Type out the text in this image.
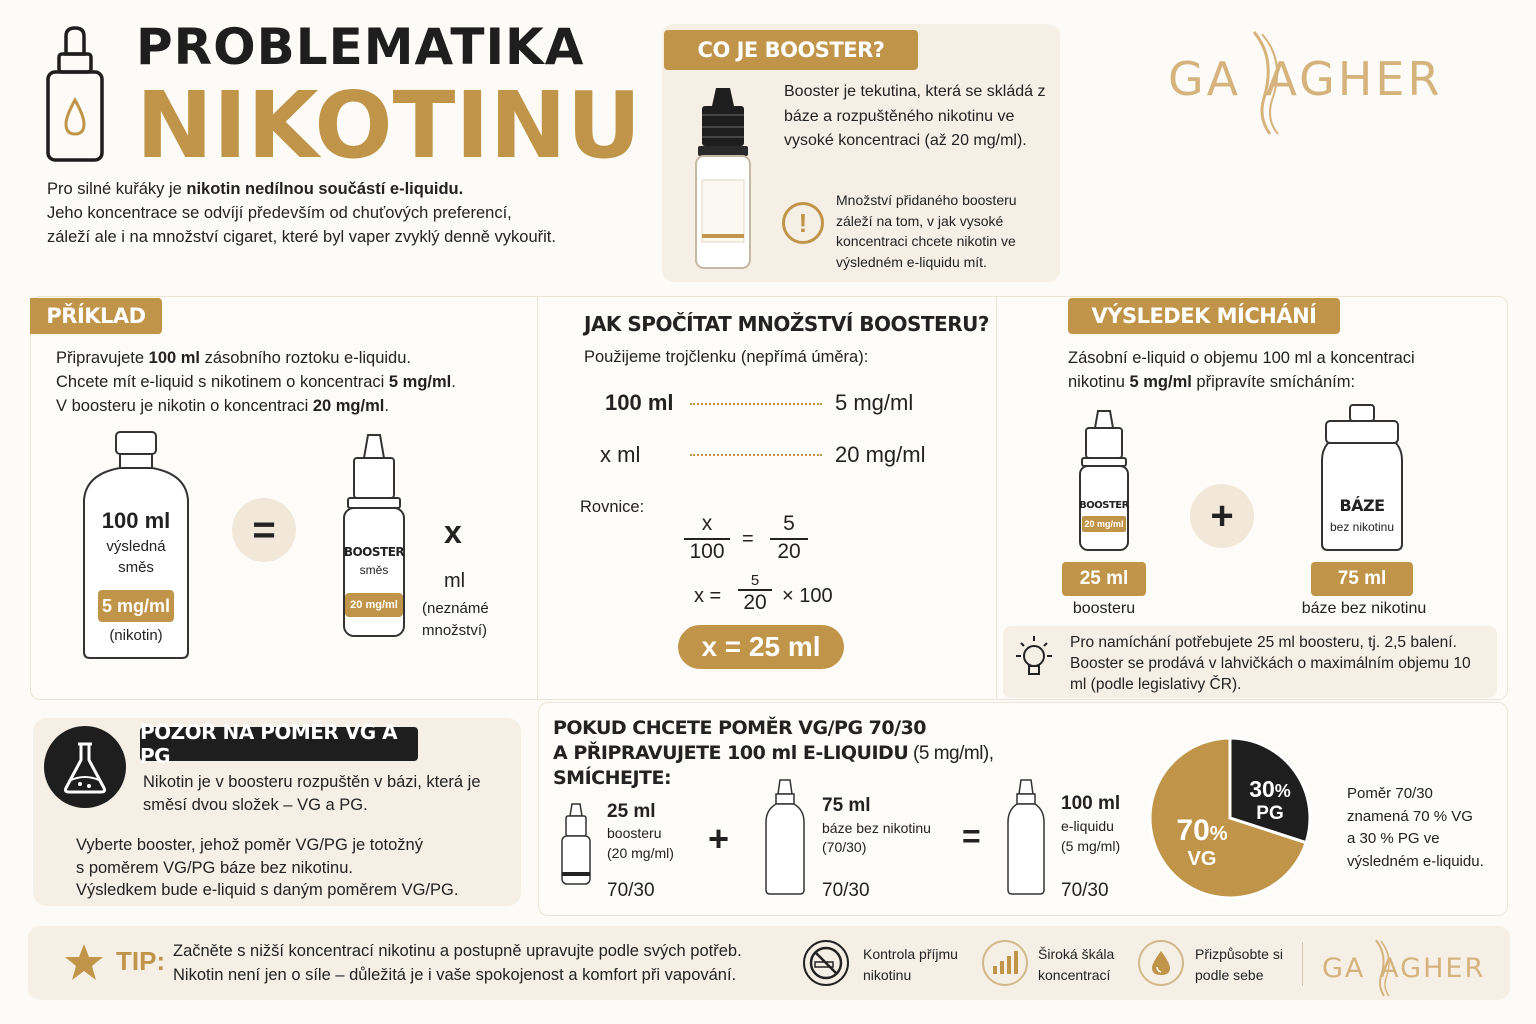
PROBLEMATIKA
NIKOTINU
Pro silné kuřáky je nikotin nedílnou součástí e-liquidu.
Jeho koncentrace se odvíjí především od chuťových preferencí,
záleží ale i na množství cigaret, které byl vaper zvyklý denně vykouřit.
CO JE BOOSTER?
Booster je tekutina, která se skládá z báze a rozpuštěného nikotinu ve vysoké koncentraci (až 20 mg/ml).
!
Množství přidaného boosteru záleží na tom, v jak vysoké koncentraci chcete nikotin ve výsledném e-liquidu mít.
GA  AGHER
PŘÍKLAD
Připravujete 100 ml zásobního roztoku e-liquidu.
Chcete mít e-liquid s nikotinem o koncentraci 5 mg/ml.
V boosteru je nikotin o koncentraci 20 mg/ml.
100 ml
výsledná
směs
5 mg/ml
(nikotin)
=
BOOSTER
směs
20 mg/ml
x
ml
(neznámé
množství)
JAK SPOČÍTAT MNOŽSTVÍ BOOSTERU?
Použijeme trojčlenku (nepřímá úměra):
100 ml	5 mg/ml
x ml	20 mg/ml
Rovnice:
$\frac{x}{100} = \frac{5}{20}$
x =
5
20 × 100
x = 25 ml
VÝSLEDEK MÍCHÁNÍ
Zásobní e-liquid o objemu 100 ml a koncentraci
nikotinu 5 mg/ml připravíte smícháním:
BOOSTER
20 mg/ml +	BÁZE
bez nikotinu
25 ml
boosteru
75 ml
báze bez nikotinu
Pro namíchání potřebujete 25 ml boosteru, tj. 2,5 balení. Booster se prodává v lahvičkách o maximálním objemu 10 ml (podle legislativy ČR).
POZOR NA POMĚR VG A PG
Nikotin je v boosteru rozpuštěn v bázi, která je směsí dvou složek – VG a PG.
Vyberte booster, jehož poměr VG/PG je totožný
s poměrem VG/PG báze bez nikotinu.
Výsledkem bude e-liquid s daným poměrem VG/PG.
POKUD CHCETE POMĚR VG/PG 70/30
A PŘIPRAVUJETE 100 ml E-LIQUIDU (5 mg/ml),
SMÍCHEJTE:
25 ml
boosteru
(20 mg/ml)
70/30
+
75 ml
báze bez nikotinu
(70/30)
70/30
=
100 ml
e-liquidu
(5 mg/ml)
70/30
70%
VG
30%
PG
Poměr 70/30
znamená 70 % VG
a 30 % PG ve
výsledném e-liquidu.
TIP: Začněte s nižší koncentrací nikotinu a postupně upravujte podle svých potřeb.
Nikotin není jen o síle – důležitá je i vaše spokojenost a komfort při vapování.
Kontrola příjmu
nikotinu
Široká škála
koncentrací
Přizpůsobte si
podle sebe	GA  AGHER
